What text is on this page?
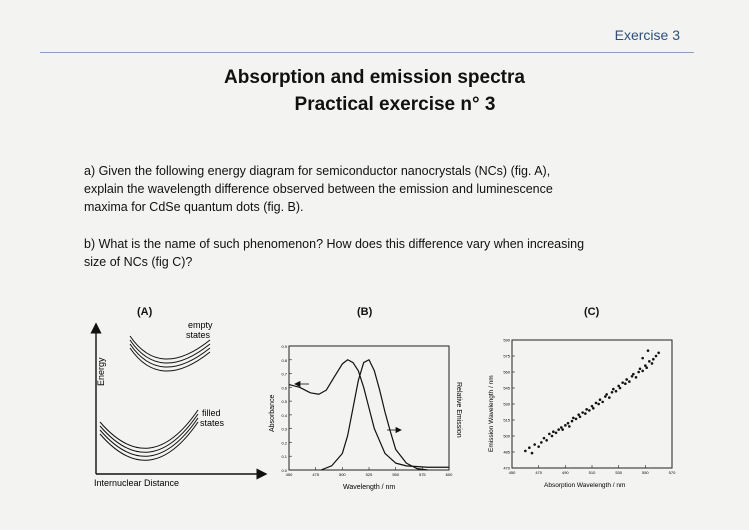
Exercise 3
Absorption and emission spectra
Practical exercise n° 3
a) Given the following energy diagram for semiconductor nanocrystals (NCs) (fig. A),
explain the wavelength difference observed between the emission and luminescence
maxima for CdSe quantum dots (fig. B).
b) What is the name of such phenomenon? How does this difference vary when increasing
size of NCs (fig C)?
(A)
Energy
empty
states
filled
states
Internuclear Distance
(B)
0.0
0.1
0.2
0.3
0.4
0.5
0.6
0.7
0.8
0.9
450	475	500	525	550	575	600
Absorbance	Relative Emission
Wavelength / nm
(C)
470
485
500
515
530
545
560
575
590
450	470	490	510	530	550	570
Emission Wavelength / nm
Absorption Wavelength / nm
